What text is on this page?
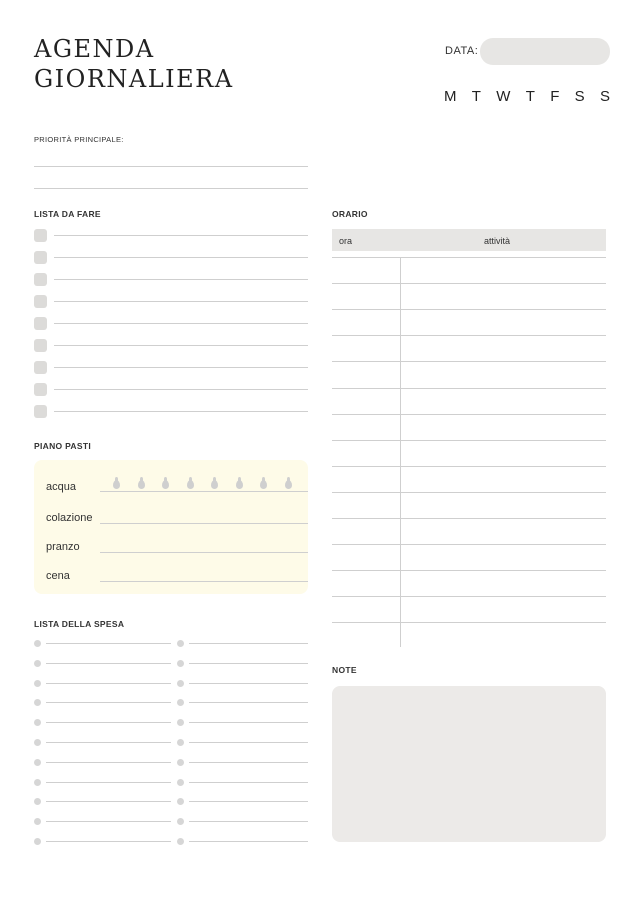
AGENDA
GIORNALIERA
DATA:
M T W T F S S
PRIORITÀ PRINCIPALE:
LISTA DA FARE
PIANO PASTI
acqua
colazione
pranzo
cena
LISTA DELLA SPESA
ORARIO
ora	attività
NOTE
